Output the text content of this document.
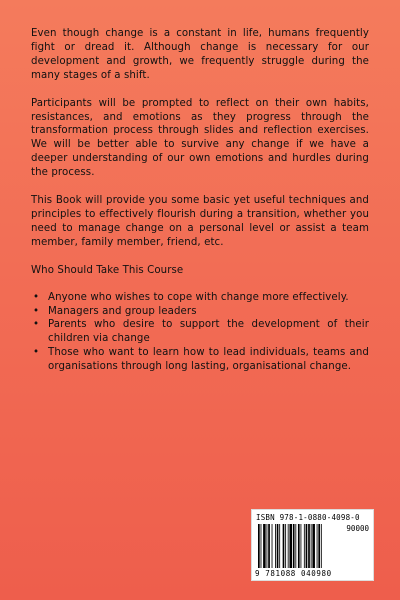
Even though change is a constant in life, humans frequently fight or dread it. Although change is necessary for our development and growth, we frequently struggle during the many stages of a shift.

Participants will be prompted to reflect on their own habits, resistances, and emotions as they progress through the transformation process through slides and reflection exercises. We will be better able to survive any change if we have a deeper understanding of our own emotions and hurdles during the process.

This Book will provide you some basic yet useful techniques and principles to effectively flourish during a transition, whether you need to manage change on a personal level or assist a team member, family member, friend, etc.

Who Should Take This Course

• Anyone who wishes to cope with change more effectively.
• Managers and group leaders
• Parents who desire to support the development of their children via change
• Those who want to learn how to lead individuals, teams and organisations through long lasting, organisational change.
ISBN 978-1-0880-4098-0
90000
9 781088 040980
